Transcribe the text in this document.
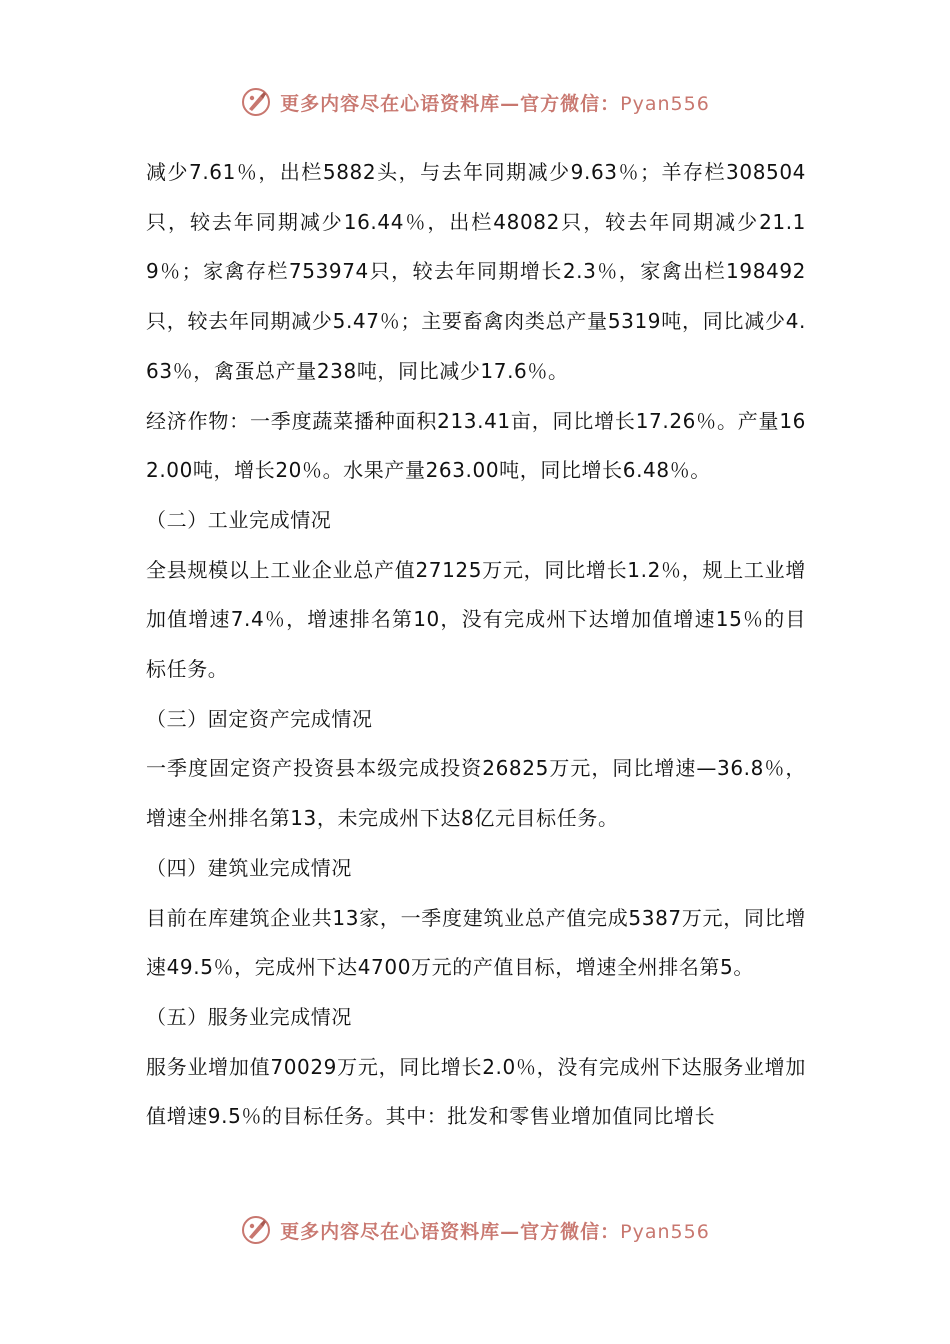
更多内容尽在心语资料库—官方微信：Pyan556

减少7.61％，出栏5882头，与去年同期减少9.63％；羊存栏308504只，较去年同期减少16.44％，出栏48082只，较去年同期减少21.19％；家禽存栏753974只，较去年同期增长2.3％，家禽出栏198492只，较去年同期减少5.47％；主要畜禽肉类总产量5319吨，同比减少4.63％，禽蛋总产量238吨，同比减少17.6％。

经济作物：一季度蔬菜播种面积213.41亩，同比增长17.26％。产量162.00吨，增长20％。水果产量263.00吨，同比增长6.48％。

（二）工业完成情况

全县规模以上工业企业总产值27125万元，同比增长1.2％，规上工业增加值增速7.4％，增速排名第10，没有完成州下达增加值增速15％的目标任务。

（三）固定资产完成情况

一季度固定资产投资县本级完成投资26825万元，同比增速—36.8％，增速全州排名第13，未完成州下达8亿元目标任务。

（四）建筑业完成情况

目前在库建筑企业共13家，一季度建筑业总产值完成5387万元，同比增速49.5％，完成州下达4700万元的产值目标，增速全州排名第5。

（五）服务业完成情况

服务业增加值70029万元，同比增长2.0％，没有完成州下达服务业增加值增速9.5％的目标任务。其中：批发和零售业增加值同比增长

更多内容尽在心语资料库—官方微信：Pyan556
